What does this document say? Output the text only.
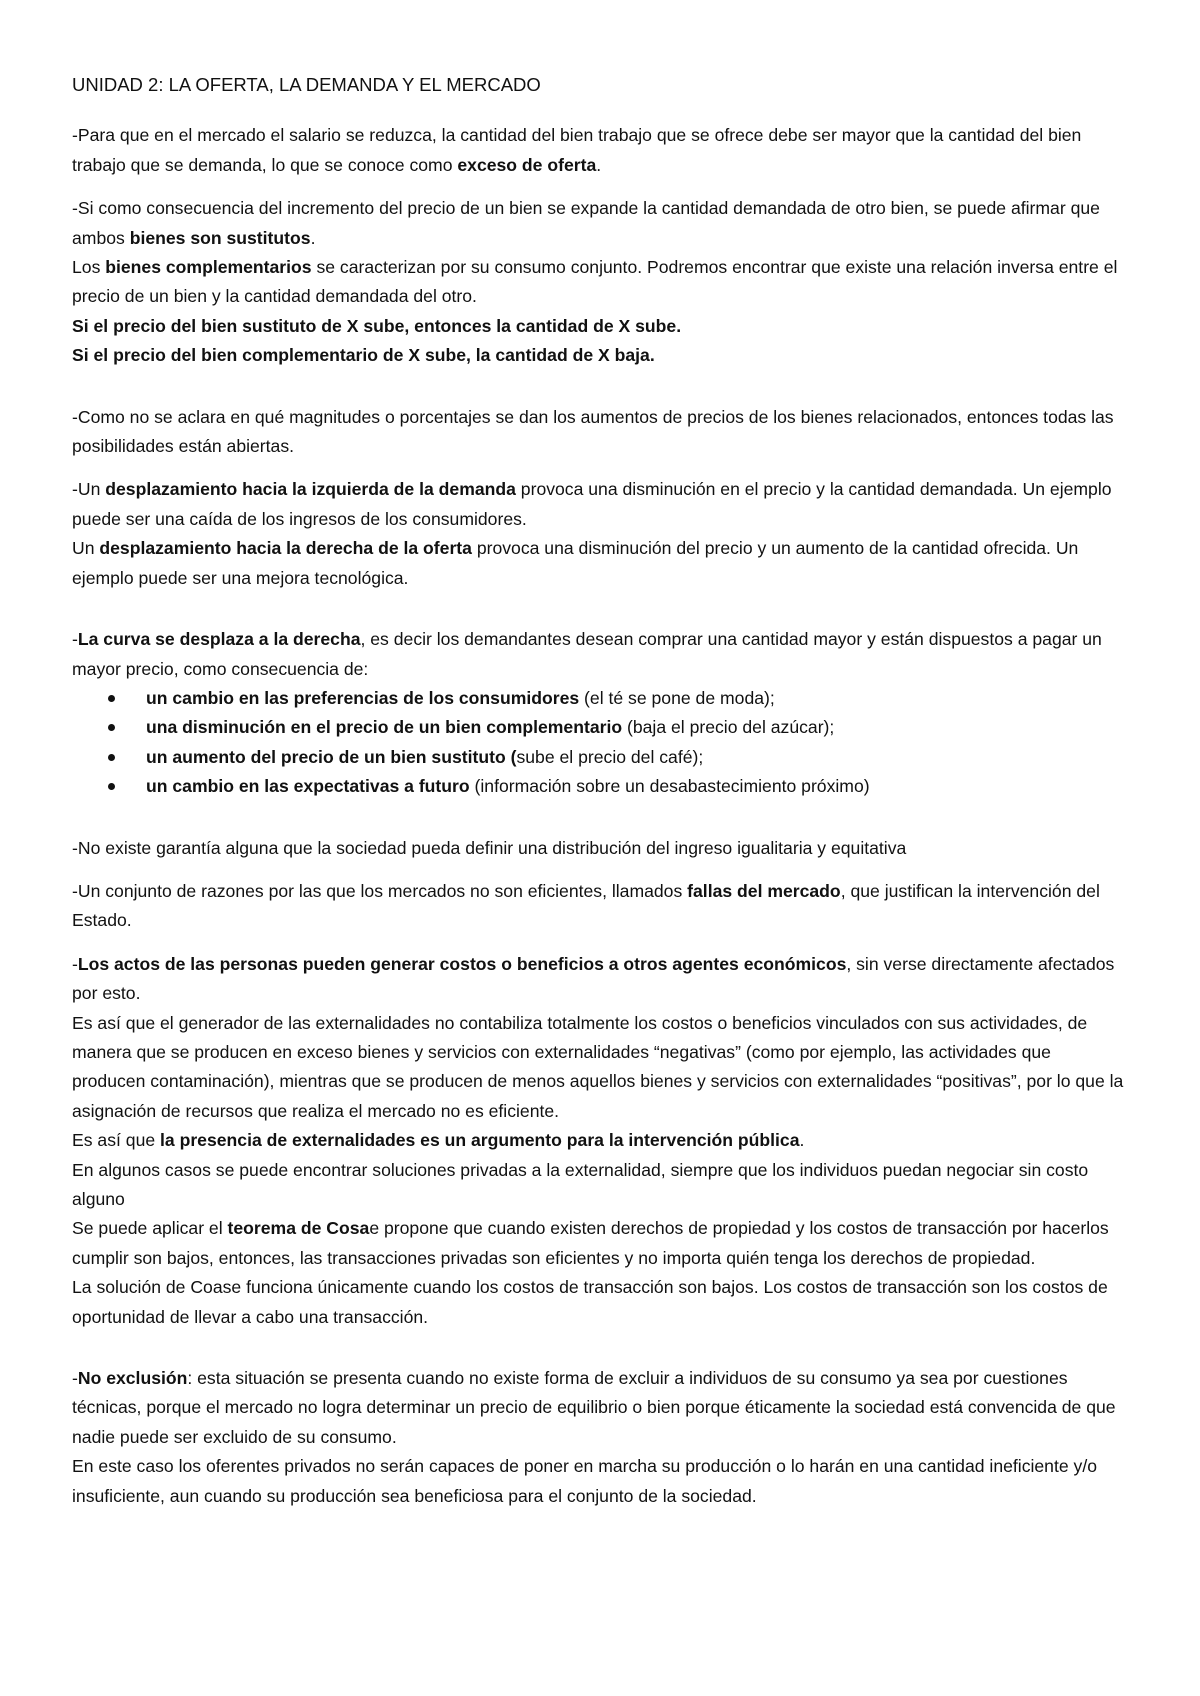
UNIDAD 2: LA OFERTA, LA DEMANDA Y EL MERCADO

-Para que en el mercado el salario se reduzca, la cantidad del bien trabajo que se ofrece debe ser mayor que la cantidad del bien trabajo que se demanda, lo que se conoce como exceso de oferta.

-Si como consecuencia del incremento del precio de un bien se expande la cantidad demandada de otro bien, se puede afirmar que ambos bienes son sustitutos.

Los bienes complementarios se caracterizan por su consumo conjunto. Podremos encontrar que existe una relación inversa entre el precio de un bien y la cantidad demandada del otro.

Si el precio del bien sustituto de X sube, entonces la cantidad de X sube.

Si el precio del bien complementario de X sube, la cantidad de X baja.

-Como no se aclara en qué magnitudes o porcentajes se dan los aumentos de precios de los bienes relacionados, entonces todas las posibilidades están abiertas.

-Un desplazamiento hacia la izquierda de la demanda provoca una disminución en el precio y la cantidad demandada. Un ejemplo puede ser una caída de los ingresos de los consumidores.

Un desplazamiento hacia la derecha de la oferta provoca una disminución del precio y un aumento de la cantidad ofrecida. Un ejemplo puede ser una mejora tecnológica.

-La curva se desplaza a la derecha, es decir los demandantes desean comprar una cantidad mayor y están dispuestos a pagar un mayor precio, como consecuencia de:

un cambio en las preferencias de los consumidores (el té se pone de moda);
una disminución en el precio de un bien complementario (baja el precio del azúcar);
un aumento del precio de un bien sustituto (sube el precio del café);
un cambio en las expectativas a futuro (información sobre un desabastecimiento próximo)

-No existe garantía alguna que la sociedad pueda definir una distribución del ingreso igualitaria y equitativa

-Un conjunto de razones por las que los mercados no son eficientes, llamados fallas del mercado, que justifican la intervención del Estado.

-Los actos de las personas pueden generar costos o beneficios a otros agentes económicos, sin verse directamente afectados por esto.

Es así que el generador de las externalidades no contabiliza totalmente los costos o beneficios vinculados con sus actividades, de manera que se producen en exceso bienes y servicios con externalidades “negativas” (como por ejemplo, las actividades que producen contaminación), mientras que se producen de menos aquellos bienes y servicios con externalidades “positivas”, por lo que la asignación de recursos que realiza el mercado no es eficiente.

Es así que la presencia de externalidades es un argumento para la intervención pública.

En algunos casos se puede encontrar soluciones privadas a la externalidad, siempre que los individuos puedan negociar sin costo alguno

Se puede aplicar el teorema de Cosae propone que cuando existen derechos de propiedad y los costos de transacción por hacerlos cumplir son bajos, entonces, las transacciones privadas son eficientes y no importa quién tenga los derechos de propiedad.

La solución de Coase funciona únicamente cuando los costos de transacción son bajos. Los costos de transacción son los costos de oportunidad de llevar a cabo una transacción.

-No exclusión: esta situación se presenta cuando no existe forma de excluir a individuos de su consumo ya sea por cuestiones técnicas, porque el mercado no logra determinar un precio de equilibrio o bien porque éticamente la sociedad está convencida de que nadie puede ser excluido de su consumo.

En este caso los oferentes privados no serán capaces de poner en marcha su producción o lo harán en una cantidad ineficiente y/o insuficiente, aun cuando su producción sea beneficiosa para el conjunto de la sociedad.
